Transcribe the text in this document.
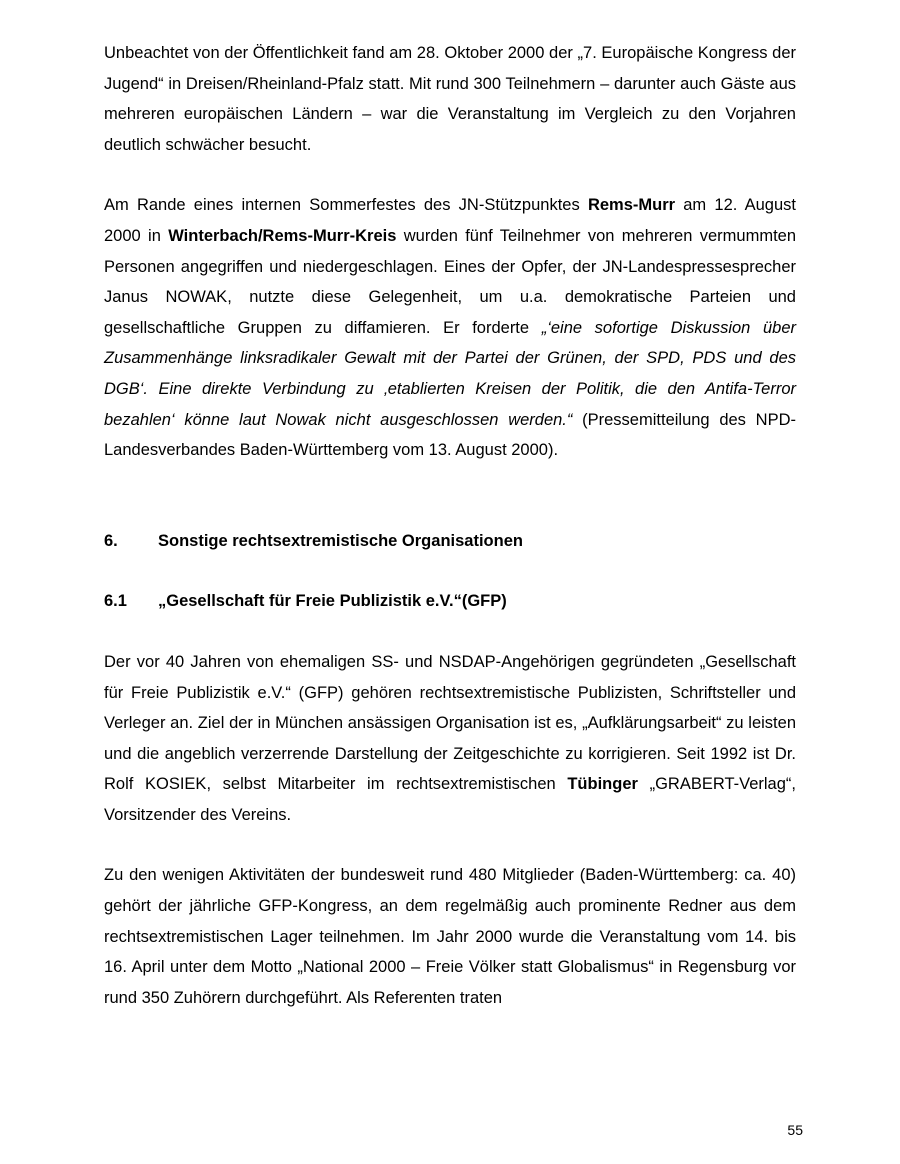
Unbeachtet von der Öffentlichkeit fand am 28. Oktober 2000 der „7. Europäische Kongress der Jugend“ in Dreisen/Rheinland-Pfalz statt. Mit rund 300 Teilnehmern – darunter auch Gäste aus mehreren europäischen Ländern – war die Veranstaltung im Vergleich zu den Vorjahren deutlich schwächer besucht.

Am Rande eines internen Sommerfestes des JN-Stützpunktes Rems-Murr am 12. August 2000 in Winterbach/Rems-Murr-Kreis wurden fünf Teilnehmer von mehreren vermummten Personen angegriffen und niedergeschlagen. Eines der Opfer, der JN-Landespressesprecher Janus NOWAK, nutzte diese Gelegenheit, um u.a. demokratische Parteien und gesellschaftliche Gruppen zu diffamieren. Er forderte „‘eine sofortige Diskussion über Zusammenhänge linksradikaler Gewalt mit der Partei der Grünen, der SPD, PDS und des DGB‘. Eine direkte Verbindung zu ‚etablierten Kreisen der Politik, die den Antifa-Terror bezahlen‘ könne laut Nowak nicht ausgeschlossen werden.“ (Pressemitteilung des NPD-Landesverbandes Baden-Württemberg vom 13. August 2000).

6.	Sonstige rechtsextremistische Organisationen
6.1	„Gesellschaft für Freie Publizistik e.V.“(GFP)

Der vor 40 Jahren von ehemaligen SS- und NSDAP-Angehörigen gegründeten „Gesellschaft für Freie Publizistik e.V.“ (GFP) gehören rechtsextremistische Publizisten, Schriftsteller und Verleger an. Ziel der in München ansässigen Organisation ist es, „Aufklärungsarbeit“ zu leisten und die angeblich verzerrende Darstellung der Zeitgeschichte zu korrigieren. Seit 1992 ist Dr. Rolf KOSIEK, selbst Mitarbeiter im rechtsextremistischen Tübinger „GRABERT-Verlag“, Vorsitzender des Vereins.

Zu den wenigen Aktivitäten der bundesweit rund 480 Mitglieder (Baden-Württemberg: ca. 40) gehört der jährliche GFP-Kongress, an dem regelmäßig auch prominente Redner aus dem rechtsextremistischen Lager teilnehmen. Im Jahr 2000 wurde die Veranstaltung vom 14. bis 16. April unter dem Motto „National 2000 – Freie Völker statt Globalismus“ in Regensburg vor rund 350 Zuhörern durchgeführt. Als Referenten traten

55
